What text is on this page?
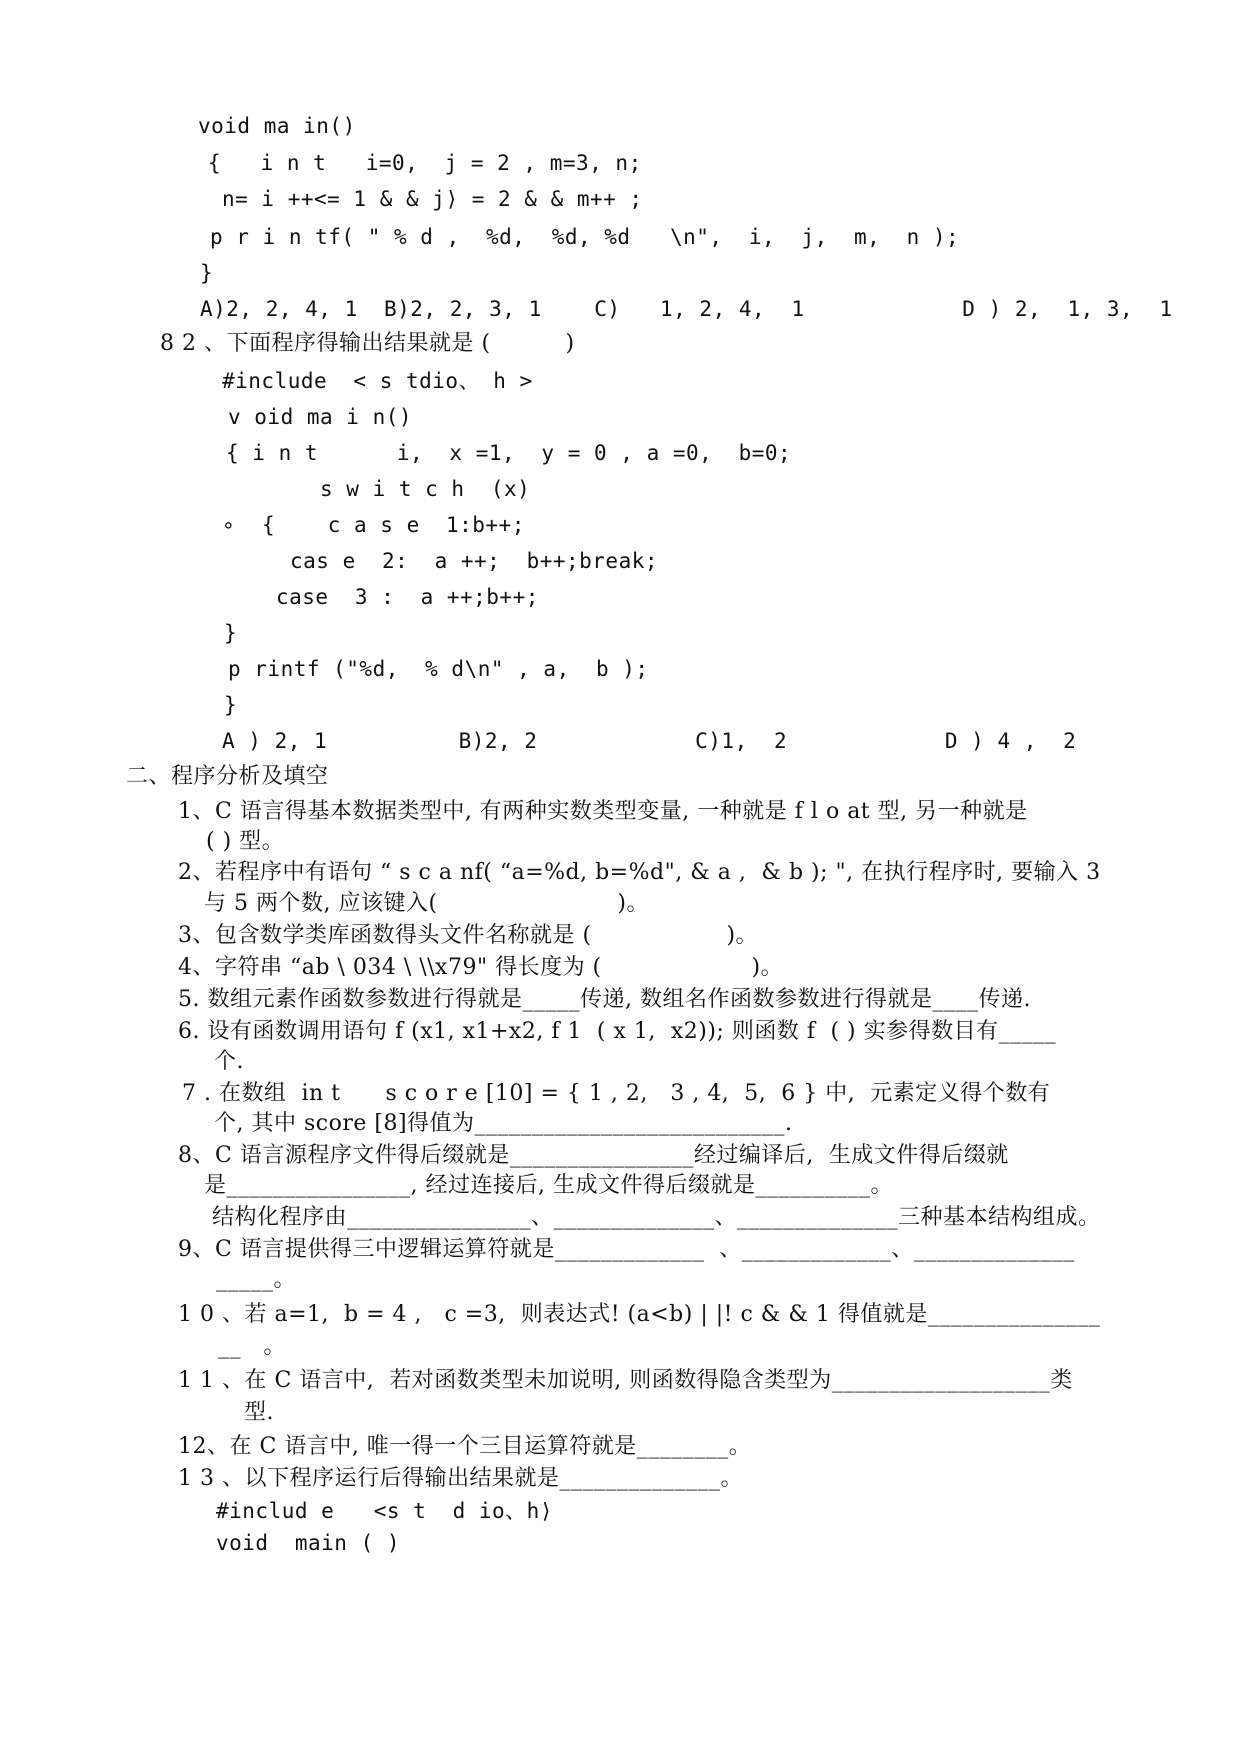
void ma in()
{   i n t   i=0,  j = 2 , m=3, n;
n= i ++<= 1 & & j⟩ = 2 & & m++ ;
p r i n tf( " % d ,  %d,  %d, %d   \n",  i,  j,  m,  n );
}
A)2, 2, 4, 1  B)2, 2, 3, 1    C)   1, 2, 4,  1            D ) 2,  1, 3,  1
8 2 、下面程序得输出结果就是 (          )
#include  < s tdio、 h >
v oid ma i n()
{ i n t      i,  x =1,  y = 0 , a =0,  b=0;
s w i t c h  (x)
∘ {    c a s e  1:b++;
cas e  2:  a ++;  b++;break;
case  3 :  a ++;b++;
}
p rintf ("%d,  % d\n" , a,  b );
}
A ) 2, 1          B)2, 2            C)1,  2            D ) 4 ,  2
二、程序分析及填空
1、C 语言得基本数据类型中, 有两种实数类型变量, 一种就是 f l o at 型, 另一种就是
( ) 型。
2、若程序中有语句 “ s c a nf( “a=%d, b=%d", & a ,  & b ); ", 在执行程序时, 要输入 3
与 5 两个数, 应该键入(                        )。
3、包含数学类库函数得头文件名称就是 (                  )。
4、字符串 “ab \ 034 \ \\x79" 得长度为 (                    )。
5. 数组元素作函数参数进行得就是_____传递, 数组名作函数参数进行得就是____传递.
6. 设有函数调用语句 f (x1, x1+x2, f 1  ( x 1,  x2)); 则函数 f  ( ) 实参得数目有_____
个.
7 . 在数组  in t      s c o r e [10] = { 1 , 2,   3 , 4,  5,  6 } 中,  元素定义得个数有
个, 其中 score [8]得值为___________________________.
8、C 语言源程序文件得后缀就是________________经过编译后,  生成文件得后缀就
是________________, 经过连接后, 生成文件得后缀就是__________。
结构化程序由________________、______________、______________三种基本结构组成。
9、C 语言提供得三中逻辑运算符就是_____________  、_____________、______________
_____。
1 0 、若 a=1,  b = 4 ,   c =3,  则表达式! (a<b) | |! c & & 1 得值就是_______________
__   。
1 1 、在 C 语言中,  若对函数类型未加说明, 则函数得隐含类型为___________________类
型.
12、在 C 语言中, 唯一得一个三目运算符就是________。
1 3 、以下程序运行后得输出结果就是______________。
#includ e   <s t  d io、h⟩
void  main ( )
